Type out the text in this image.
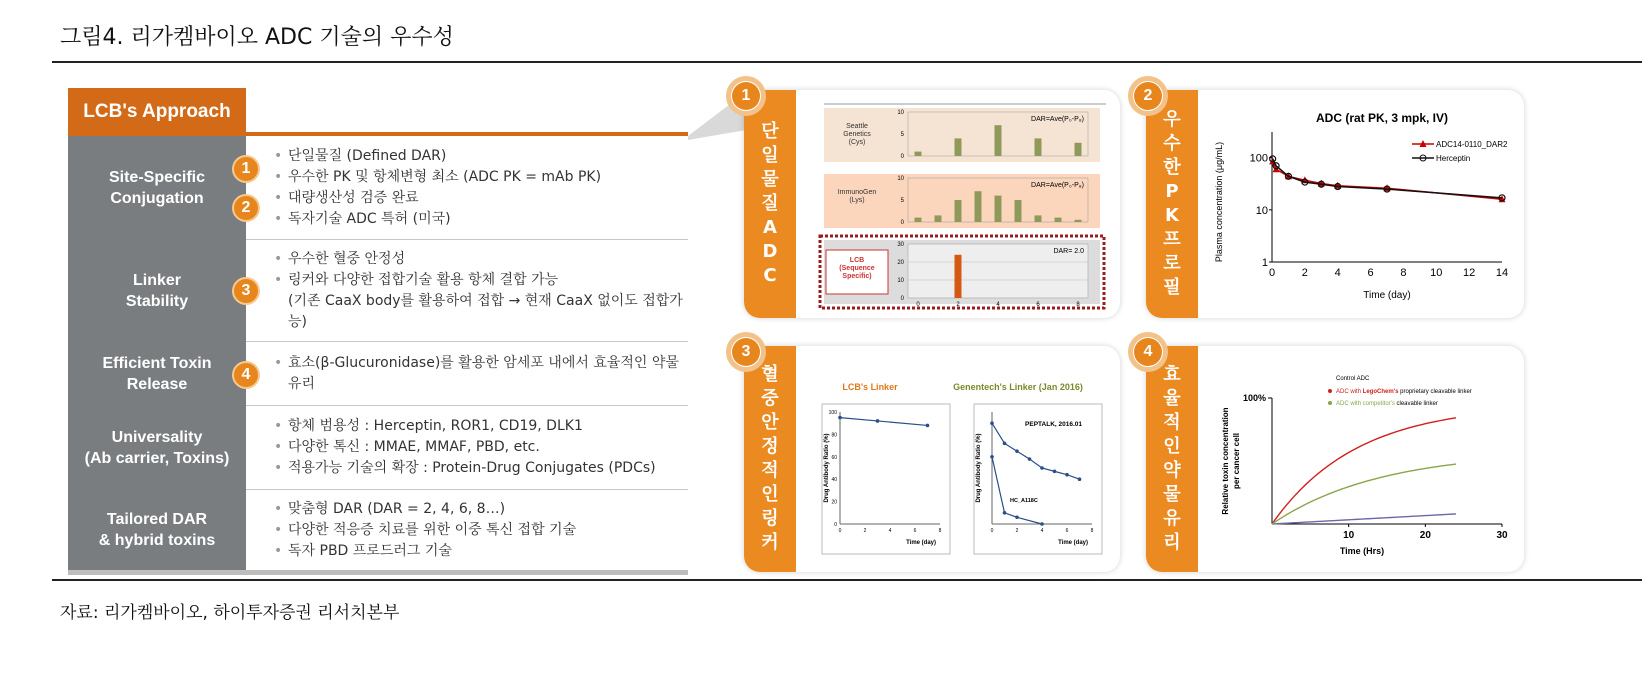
그림4. 리가켐바이오 ADC 기술의 우수성
자료: 리가켐바이오, 하이투자증권 리서치본부
LCB's Approach
Site-Specific
Conjugation
• 단일물질 (Defined DAR)
• 우수한 PK 및 항체변형 최소 (ADC PK = mAb PK)
• 대량생산성 검증 완료
• 독자기술 ADC 특허 (미국)
1
2
Linker
Stability
• 우수한 혈중 안정성
• 링커와 다양한 접합기술 활용 항체 결합 가능
(기존 CaaX body를 활용하여 접합 → 현재 CaaX 없이도 접합가능)
3
Efficient Toxin
Release
• 효소(β-Glucuronidase)를 활용한 암세포 내에서 효율적인 약물유리
4
Universality
(Ab carrier, Toxins)
• 항체 범용성 : Herceptin, ROR1, CD19, DLK1
• 다양한 톡신 : MMAE, MMAF, PBD, etc.
• 적용가능 기술의 확장 : Protein-Drug Conjugates (PDCs)
Tailored DAR
& hybrid toxins
• 맞춤형 DAR (DAR = 2, 4, 6, 8…)
• 다양한 적응증 치료를 위한 이중 톡신 접합 기술
• 독자 PBD 프로드러그 기술
단
일
물
질
A
D
C
Seattle
Genetics
(Cys)
10
5
0
DAR=Ave(P₀-P₈)
ImmunoGen
(Lys)
10
5
0
DAR=Ave(P₀-P₈)
LCB
(Sequence
Specific)
30
20
10
0
DAR= 2.0
0	2	4	6	8
1
우
수
한
P
K
프
로
필
ADC (rat PK, 3 mpk, IV)
100
10
1
0 2 4 6 8 10 12 14
Time (day)
Plasma concentration (μg/mL)	ADC14-0110_DAR2
Herceptin
2
혈
중
안
정
적
인
링
커
LCB's Linker	Genentech's Linker (Jan 2016)
100
80
60
40
20
0
0	2	4	6	8
Time (day)
Drug Antibody Ratio (%)
0	2	4	6	8
Time (day)
Drug Antibody Ratio (%)
PEPTALK, 2016.01
HC_A118C
3
효
율
적
인
약
물
유
리
100%
10	20	30
Time (Hrs)
Relative toxin concentration per cancer cell
Control ADC
ADC with LegoChem's proprietary cleavable linker
ADC with competitor's cleavable linker
4
